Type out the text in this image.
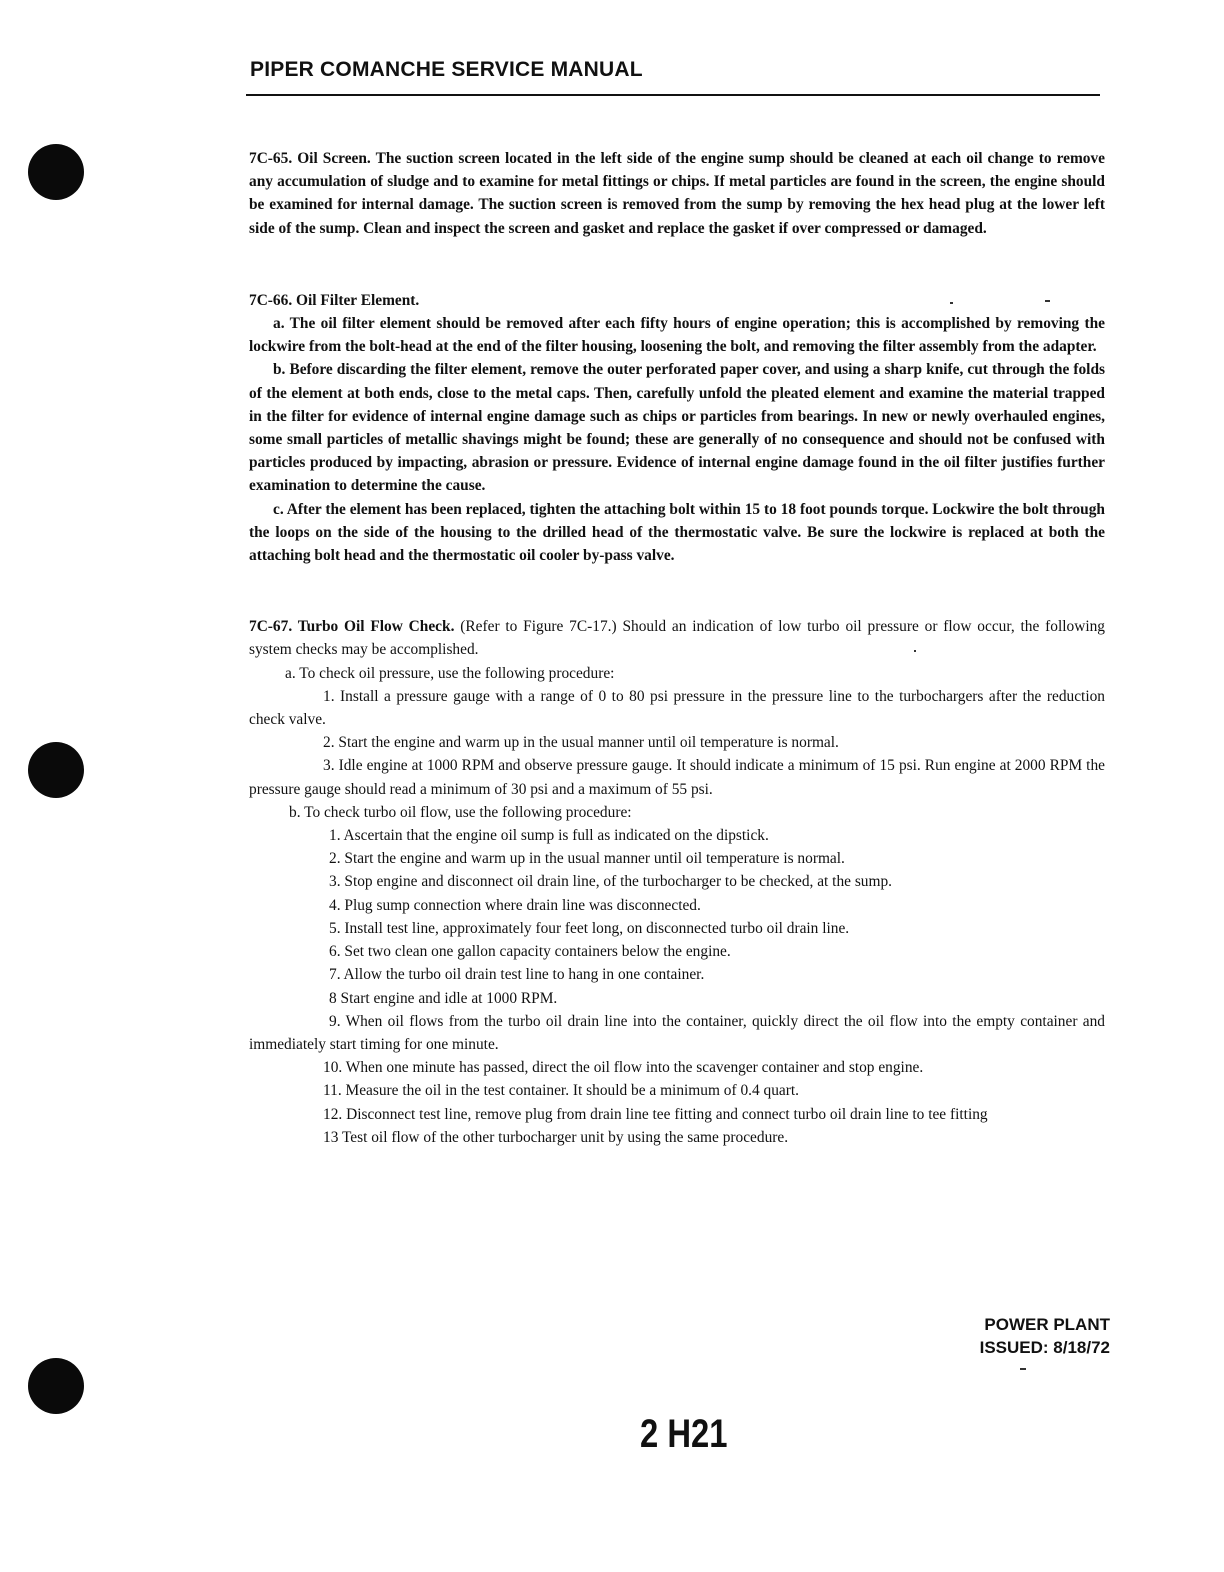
PIPER COMANCHE SERVICE MANUAL

7C-65. Oil Screen. The suction screen located in the left side of the engine sump should be cleaned at each oil change to remove any accumulation of sludge and to examine for metal fittings or chips. If metal particles are found in the screen, the engine should be examined for internal damage. The suction screen is removed from the sump by removing the hex head plug at the lower left side of the sump. Clean and inspect the screen and gasket and replace the gasket if over compressed or damaged.

7C-66. Oil Filter Element.

a. The oil filter element should be removed after each fifty hours of engine operation; this is accomplished by removing the lockwire from the bolt-head at the end of the filter housing, loosening the bolt, and removing the filter assembly from the adapter.

b. Before discarding the filter element, remove the outer perforated paper cover, and using a sharp knife, cut through the folds of the element at both ends, close to the metal caps. Then, carefully unfold the pleated element and examine the material trapped in the filter for evidence of internal engine damage such as chips or particles from bearings. In new or newly overhauled engines, some small particles of metallic shavings might be found; these are generally of no consequence and should not be confused with particles produced by impacting, abrasion or pressure. Evidence of internal engine damage found in the oil filter justifies further examination to determine the cause.

c. After the element has been replaced, tighten the attaching bolt within 15 to 18 foot pounds torque. Lockwire the bolt through the loops on the side of the housing to the drilled head of the thermostatic valve. Be sure the lockwire is replaced at both the attaching bolt head and the thermostatic oil cooler by-pass valve.

7C-67. Turbo Oil Flow Check. (Refer to Figure 7C-17.) Should an indication of low turbo oil pressure or flow occur, the following system checks may be accomplished.

a. To check oil pressure, use the following procedure:

1. Install a pressure gauge with a range of 0 to 80 psi pressure in the pressure line to the turbochargers after the reduction check valve.

2. Start the engine and warm up in the usual manner until oil temperature is normal.

3. Idle engine at 1000 RPM and observe pressure gauge. It should indicate a minimum of 15 psi. Run engine at 2000 RPM the pressure gauge should read a minimum of 30 psi and a maximum of 55 psi.

b. To check turbo oil flow, use the following procedure:

1. Ascertain that the engine oil sump is full as indicated on the dipstick.

2. Start the engine and warm up in the usual manner until oil temperature is normal.

3. Stop engine and disconnect oil drain line, of the turbocharger to be checked, at the sump.

4. Plug sump connection where drain line was disconnected.

5. Install test line, approximately four feet long, on disconnected turbo oil drain line.

6. Set two clean one gallon capacity containers below the engine.

7. Allow the turbo oil drain test line to hang in one container.

8 Start engine and idle at 1000 RPM.

9. When oil flows from the turbo oil drain line into the container, quickly direct the oil flow into the empty container and immediately start timing for one minute.

10. When one minute has passed, direct the oil flow into the scavenger container and stop engine.

11. Measure the oil in the test container. It should be a minimum of 0.4 quart.

12. Disconnect test line, remove plug from drain line tee fitting and connect turbo oil drain line to tee fitting

13 Test oil flow of the other turbocharger unit by using the same procedure.

POWER PLANT
ISSUED: 8/18/72
2 H21
